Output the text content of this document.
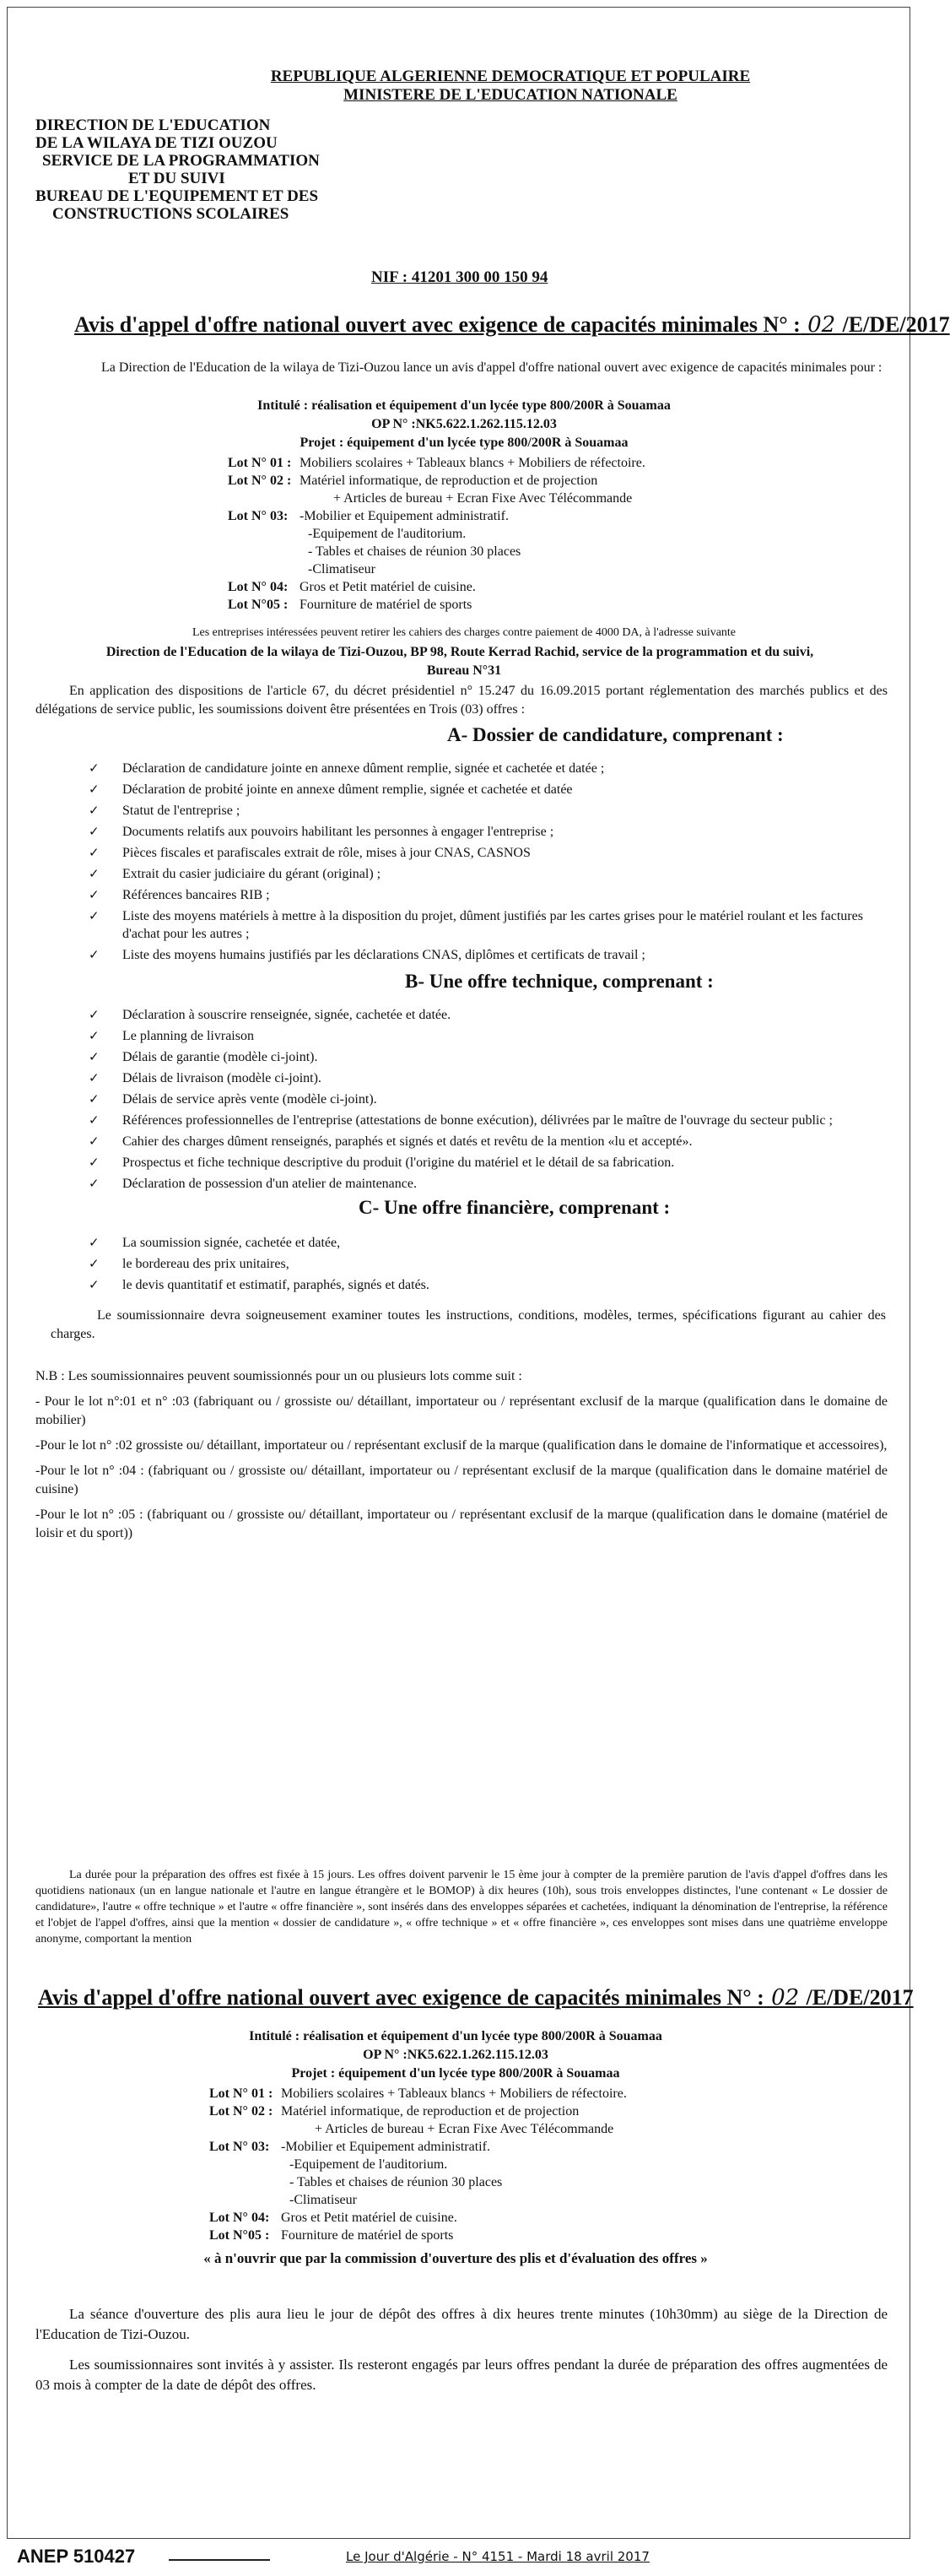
REPUBLIQUE ALGERIENNE DEMOCRATIQUE ET POPULAIRE
MINISTERE DE L'EDUCATION NATIONALE
DIRECTION DE L'EDUCATION
DE LA WILAYA DE TIZI OUZOU
SERVICE DE LA PROGRAMMATION
ET DU SUIVI
BUREAU DE L'EQUIPEMENT ET DES
CONSTRUCTIONS SCOLAIRES
NIF : 41201 300 00 150 94
Avis d'appel d'offre national ouvert avec exigence de capacités minimales N° : 02 /E/DE/2017
La Direction de l'Education de la wilaya de Tizi-Ouzou lance un avis d'appel d'offre national ouvert avec exigence de capacités minimales pour :
Intitulé : réalisation et équipement d'un lycée type 800/200R à Souamaa
OP N° :NK5.622.1.262.115.12.03
Projet : équipement d'un lycée type 800/200R à Souamaa
Lot N° 01 : Mobiliers scolaires + Tableaux blancs + Mobiliers de réfectoire.
Lot N° 02 : Matériel informatique, de reproduction et de projection
+ Articles de bureau + Ecran Fixe Avec Télécommande
Lot N° 03: -Mobilier et Equipement administratif.
-Equipement de l'auditorium.
- Tables et chaises de réunion 30 places
-Climatiseur
Lot N° 04: Gros et Petit matériel de cuisine.
Lot N°05 : Fourniture de matériel de sports
Les entreprises intéressées peuvent retirer les cahiers des charges contre paiement de 4000 DA, à l'adresse suivante
Direction de l'Education de la wilaya de Tizi-Ouzou, BP 98, Route Kerrad Rachid, service de la programmation et du suivi,
Bureau N°31
En application des dispositions de l'article 67, du décret présidentiel n° 15.247 du 16.09.2015 portant réglementation des marchés publics et des délégations de service public, les soumissions doivent être présentées en Trois (03) offres :
A- Dossier de candidature, comprenant :
✓ Déclaration de candidature jointe en annexe dûment remplie, signée et cachetée et datée ;
✓ Déclaration de probité jointe en annexe dûment remplie, signée et cachetée et datée
✓ Statut de l'entreprise ;
✓ Documents relatifs aux pouvoirs habilitant les personnes à engager l'entreprise ;
✓ Pièces fiscales et parafiscales extrait de rôle, mises à jour CNAS, CASNOS
✓ Extrait du casier judiciaire du gérant (original) ;
✓ Références bancaires RIB ;
✓ Liste des moyens matériels à mettre à la disposition du projet, dûment justifiés par les cartes grises pour le matériel roulant et les factures d'achat pour les autres ;
✓ Liste des moyens humains justifiés par les déclarations CNAS, diplômes et certificats de travail ;
B- Une offre technique, comprenant :
✓ Déclaration à souscrire renseignée, signée, cachetée et datée.
✓ Le planning de livraison
✓ Délais de garantie (modèle ci-joint).
✓ Délais de livraison (modèle ci-joint).
✓ Délais de service après vente (modèle ci-joint).
✓ Références professionnelles de l'entreprise (attestations de bonne exécution), délivrées par le maître de l'ouvrage du secteur public ;
✓ Cahier des charges dûment renseignés, paraphés et signés et datés et revêtu de la mention «lu et accepté».
✓ Prospectus et fiche technique descriptive du produit (l'origine du matériel et le détail de sa fabrication.
✓ Déclaration de possession d'un atelier de maintenance.
C- Une offre financière, comprenant :
✓ La soumission signée, cachetée et datée,
✓ le bordereau des prix unitaires,
✓ le devis quantitatif et estimatif, paraphés, signés et datés.
Le soumissionnaire devra soigneusement examiner toutes les instructions, conditions, modèles, termes, spécifications figurant au cahier des charges.

N.B : Les soumissionnaires peuvent soumissionnés pour un ou plusieurs lots comme suit :

- Pour le lot n°:01 et n° :03 (fabriquant ou / grossiste ou/ détaillant, importateur ou / représentant exclusif de la marque (qualification dans le domaine de mobilier)

-Pour le lot n° :02 grossiste ou/ détaillant, importateur ou / représentant exclusif de la marque (qualification dans le domaine de l'informatique et accessoires),

-Pour le lot n° :04 : (fabriquant ou / grossiste ou/ détaillant, importateur ou / représentant exclusif de la marque (qualification dans le domaine matériel de cuisine)

-Pour le lot n° :05 : (fabriquant ou / grossiste ou/ détaillant, importateur ou / représentant exclusif de la marque (qualification dans le domaine (matériel de loisir et du sport))

La durée pour la préparation des offres est fixée à 15 jours. Les offres doivent parvenir le 15 ème jour à compter de la première parution de l'avis d'appel d'offres dans les quotidiens nationaux (un en langue nationale et l'autre en langue étrangère et le BOMOP) à dix heures (10h), sous trois enveloppes distinctes, l'une contenant « Le dossier de candidature», l'autre « offre technique » et l'autre « offre financière », sont insérés dans des enveloppes séparées et cachetées, indiquant la dénomination de l'entreprise, la référence et l'objet de l'appel d'offres, ainsi que la mention « dossier de candidature », « offre technique » et « offre financière », ces enveloppes sont mises dans une quatrième enveloppe anonyme, comportant la mention
Avis d'appel d'offre national ouvert avec exigence de capacités minimales N° : 02 /E/DE/2017
Intitulé : réalisation et équipement d'un lycée type 800/200R à Souamaa
OP N° :NK5.622.1.262.115.12.03
Projet : équipement d'un lycée type 800/200R à Souamaa
Lot N° 01 : Mobiliers scolaires + Tableaux blancs + Mobiliers de réfectoire.
Lot N° 02 : Matériel informatique, de reproduction et de projection
+ Articles de bureau + Ecran Fixe Avec Télécommande
Lot N° 03: -Mobilier et Equipement administratif.
-Equipement de l'auditorium.
- Tables et chaises de réunion 30 places
-Climatiseur
Lot N° 04: Gros et Petit matériel de cuisine.
Lot N°05 : Fourniture de matériel de sports
« à n'ouvrir que par la commission d'ouverture des plis et d'évaluation des offres »
La séance d'ouverture des plis aura lieu le jour de dépôt des offres à dix heures trente minutes (10h30mm) au siège de la Direction de l'Education de Tizi-Ouzou.
Les soumissionnaires sont invités à y assister. Ils resteront engagés par leurs offres pendant la durée de préparation des offres augmentées de 03 mois à compter de la date de dépôt des offres.
ANEP 510427	Le Jour d'Algérie - N° 4151 - Mardi 18 avril 2017
